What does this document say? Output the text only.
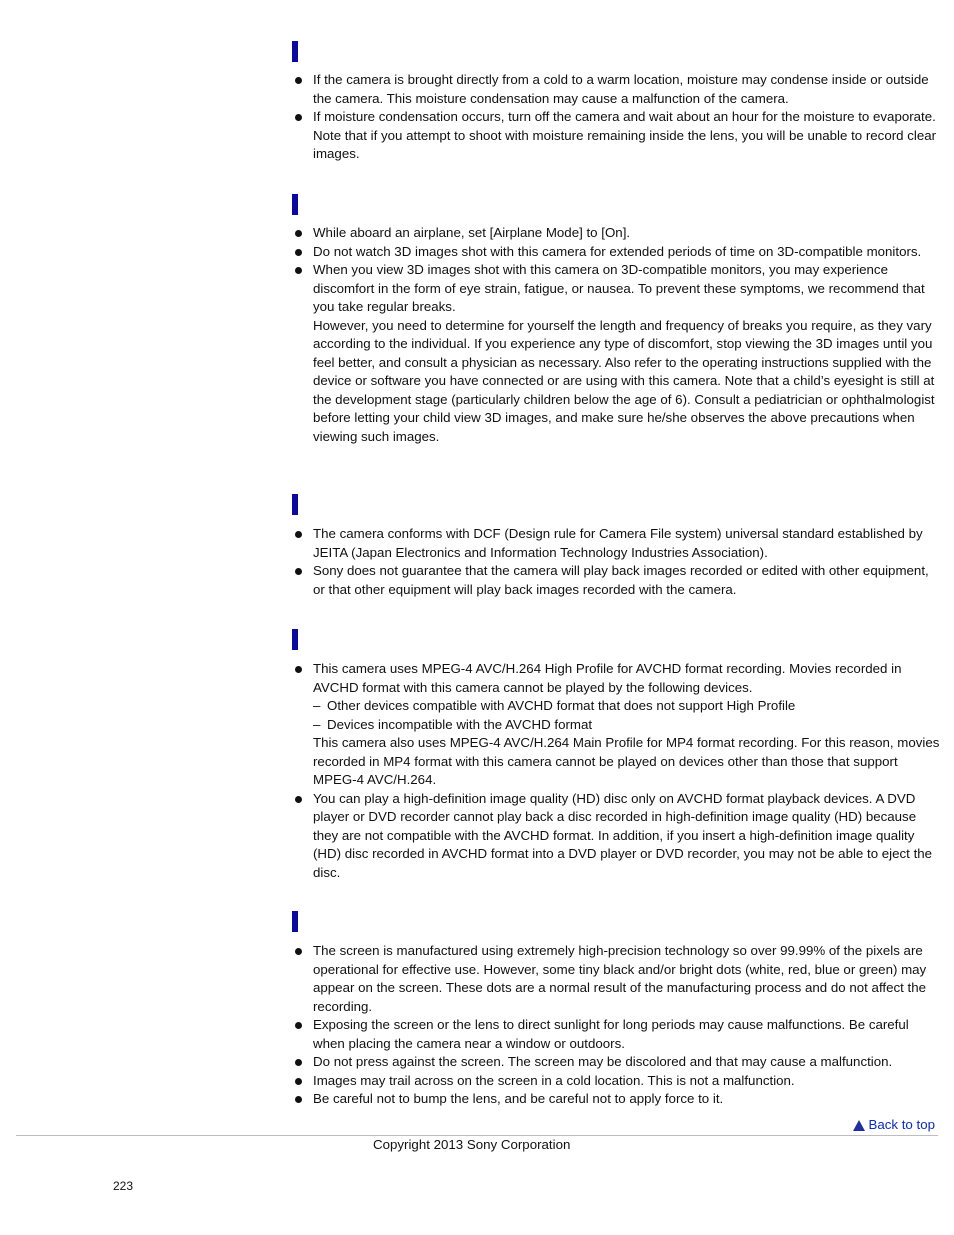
If the camera is brought directly from a cold to a warm location, moisture may condense inside or outside the camera. This moisture condensation may cause a malfunction of the camera.

If moisture condensation occurs, turn off the camera and wait about an hour for the moisture to evaporate. Note that if you attempt to shoot with moisture remaining inside the lens, you will be unable to record clear images.

While aboard an airplane, set [Airplane Mode] to [On].

Do not watch 3D images shot with this camera for extended periods of time on 3D-compatible monitors.

When you view 3D images shot with this camera on 3D-compatible monitors, you may experience discomfort in the form of eye strain, fatigue, or nausea. To prevent these symptoms, we recommend that you take regular breaks.

However, you need to determine for yourself the length and frequency of breaks you require, as they vary according to the individual. If you experience any type of discomfort, stop viewing the 3D images until you feel better, and consult a physician as necessary. Also refer to the operating instructions supplied with the device or software you have connected or are using with this camera. Note that a child’s eyesight is still at the development stage (particularly children below the age of 6). Consult a pediatrician or ophthalmologist before letting your child view 3D images, and make sure he/she observes the above precautions when viewing such images.

The camera conforms with DCF (Design rule for Camera File system) universal standard established by JEITA (Japan Electronics and Information Technology Industries Association).

Sony does not guarantee that the camera will play back images recorded or edited with other equipment, or that other equipment will play back images recorded with the camera.

This camera uses MPEG-4 AVC/H.264 High Profile for AVCHD format recording. Movies recorded in AVCHD format with this camera cannot be played by the following devices.

– Other devices compatible with AVCHD format that does not support High Profile
– Devices incompatible with the AVCHD format

This camera also uses MPEG-4 AVC/H.264 Main Profile for MP4 format recording. For this reason, movies recorded in MP4 format with this camera cannot be played on devices other than those that support MPEG-4 AVC/H.264.

You can play a high-definition image quality (HD) disc only on AVCHD format playback devices. A DVD player or DVD recorder cannot play back a disc recorded in high-definition image quality (HD) because they are not compatible with the AVCHD format. In addition, if you insert a high-definition image quality (HD) disc recorded in AVCHD format into a DVD player or DVD recorder, you may not be able to eject the disc.

The screen is manufactured using extremely high-precision technology so over 99.99% of the pixels are operational for effective use. However, some tiny black and/or bright dots (white, red, blue or green) may appear on the screen. These dots are a normal result of the manufacturing process and do not affect the recording.

Exposing the screen or the lens to direct sunlight for long periods may cause malfunctions. Be careful when placing the camera near a window or outdoors.

Do not press against the screen. The screen may be discolored and that may cause a malfunction.

Images may trail across on the screen in a cold location. This is not a malfunction.

Be careful not to bump the lens, and be careful not to apply force to it.

Back to top
Copyright 2013 Sony Corporation
223
